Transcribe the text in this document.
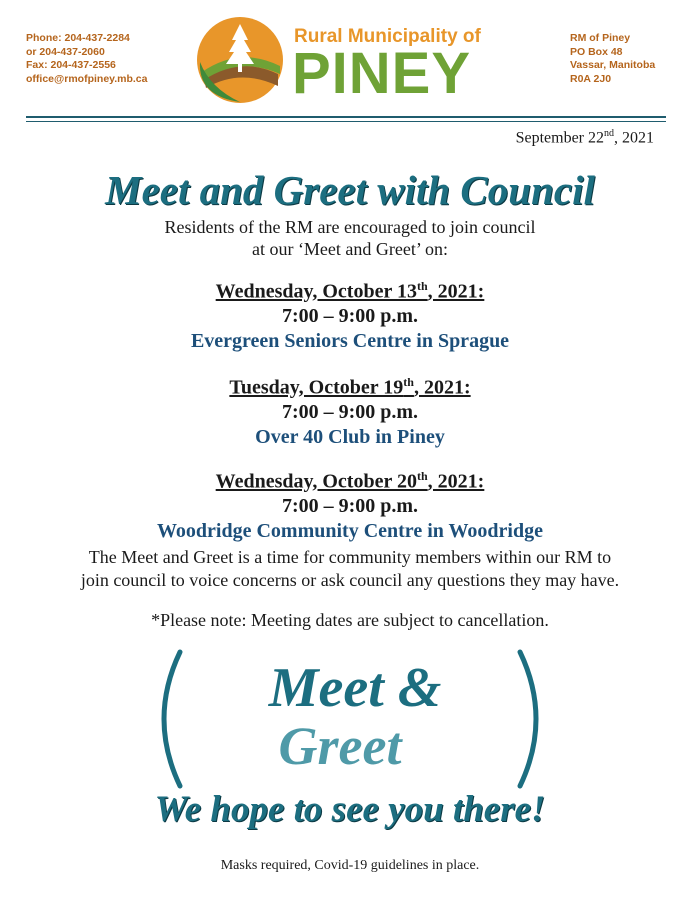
Phone: 204-437-2284
or 204-437-2060
Fax: 204-437-2556
office@rmofpiney.mb.ca
Rural Municipality of
PINEY
RM of Piney
PO Box 48
Vassar, Manitoba
R0A 2J0
September 22nd, 2021
Meet and Greet with Council
Residents of the RM are encouraged to join council
at our ‘Meet and Greet’ on:
Wednesday, October 13th, 2021:
7:00 – 9:00 p.m.
Evergreen Seniors Centre in Sprague
Tuesday, October 19th, 2021:
7:00 – 9:00 p.m.
Over 40 Club in Piney
Wednesday, October 20th, 2021:
7:00 – 9:00 p.m.
Woodridge Community Centre in Woodridge
The Meet and Greet is a time for community members within our RM to
join council to voice concerns or ask council any questions they may have.
*Please note: Meeting dates are subject to cancellation.
Meet &
Greet
We hope to see you there!
Masks required, Covid-19 guidelines in place.
